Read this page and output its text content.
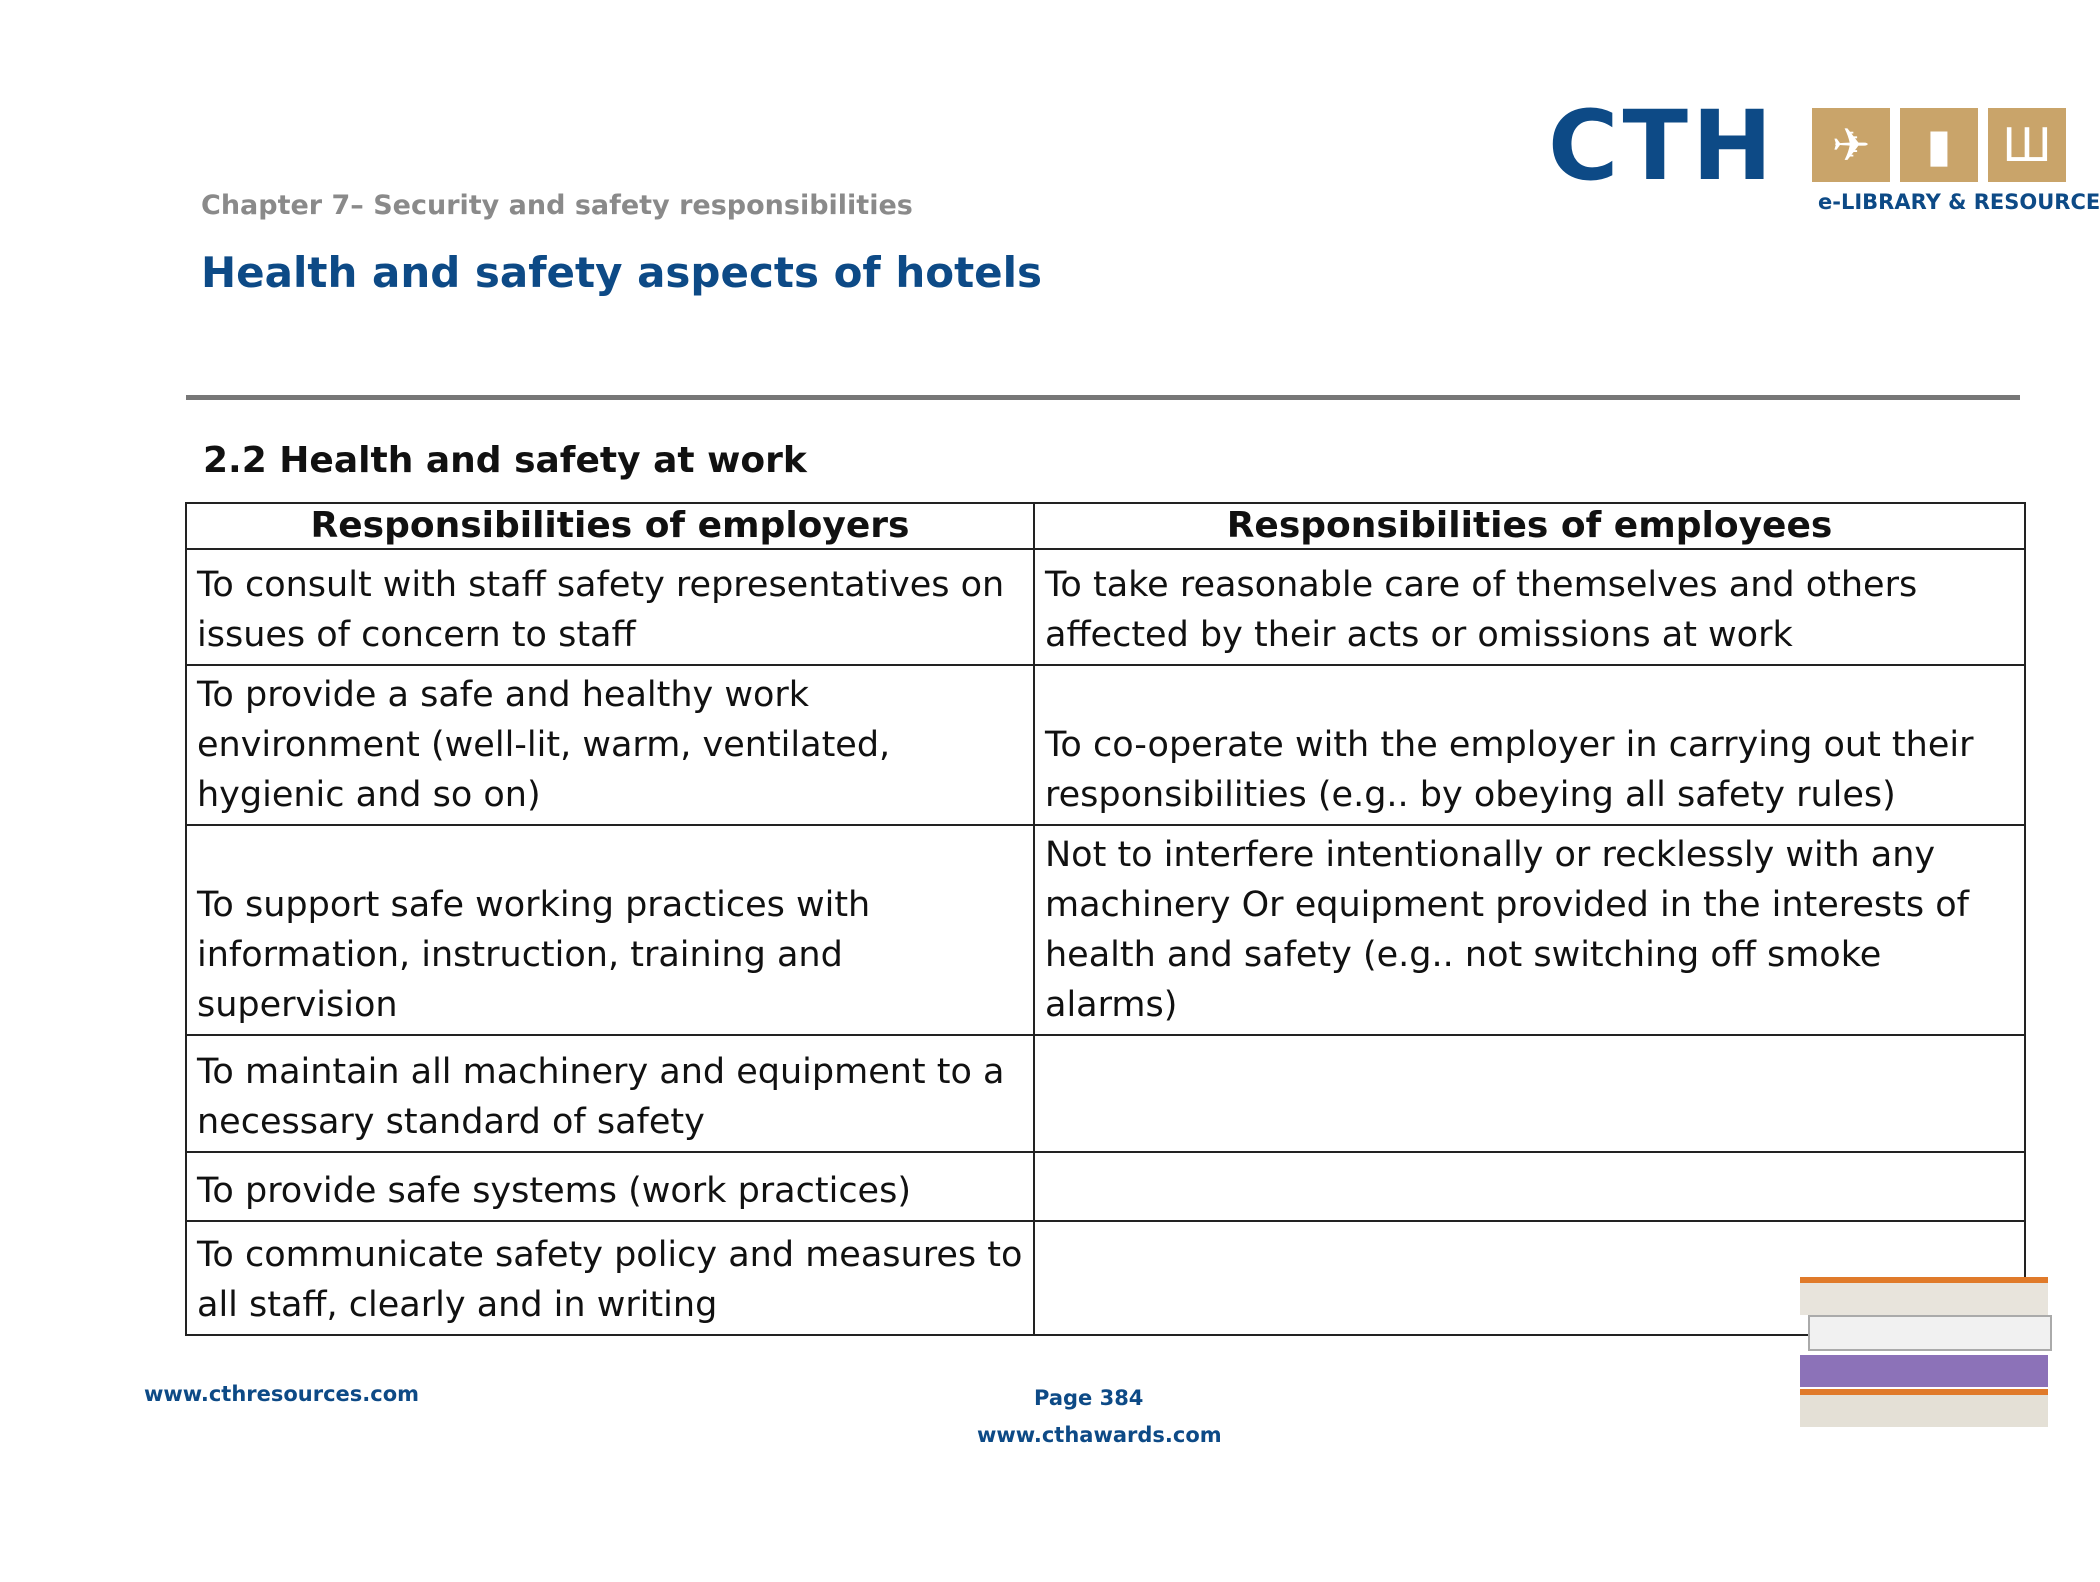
Chapter 7– Security and safety responsibilities
Health and safety aspects of hotels
CTH	✈	▮	Ш
e-LIBRARY & RESOURCE
2.2 Health and safety at work
Responsibilities of employers	Responsibilities of employees
To consult with staff safety representatives on issues of concern to staff	To take reasonable care of themselves and others affected by their acts or omissions at work
To provide a safe and healthy work environment (well-lit, warm, ventilated, hygienic and so on)	To co-operate with the employer in carrying out their responsibilities (e.g.. by obeying all safety rules)
To support safe working practices with information, instruction, training and supervision	Not to interfere intentionally or recklessly with any machinery Or equipment provided in the interests of health and safety (e.g.. not switching off smoke alarms)
To maintain all machinery and equipment to a necessary standard of safety	
To provide safe systems (work practices)	
To communicate safety policy and measures to all staff, clearly and in writing	
www.cthresources.com	Page 384
www.cthawards.com
